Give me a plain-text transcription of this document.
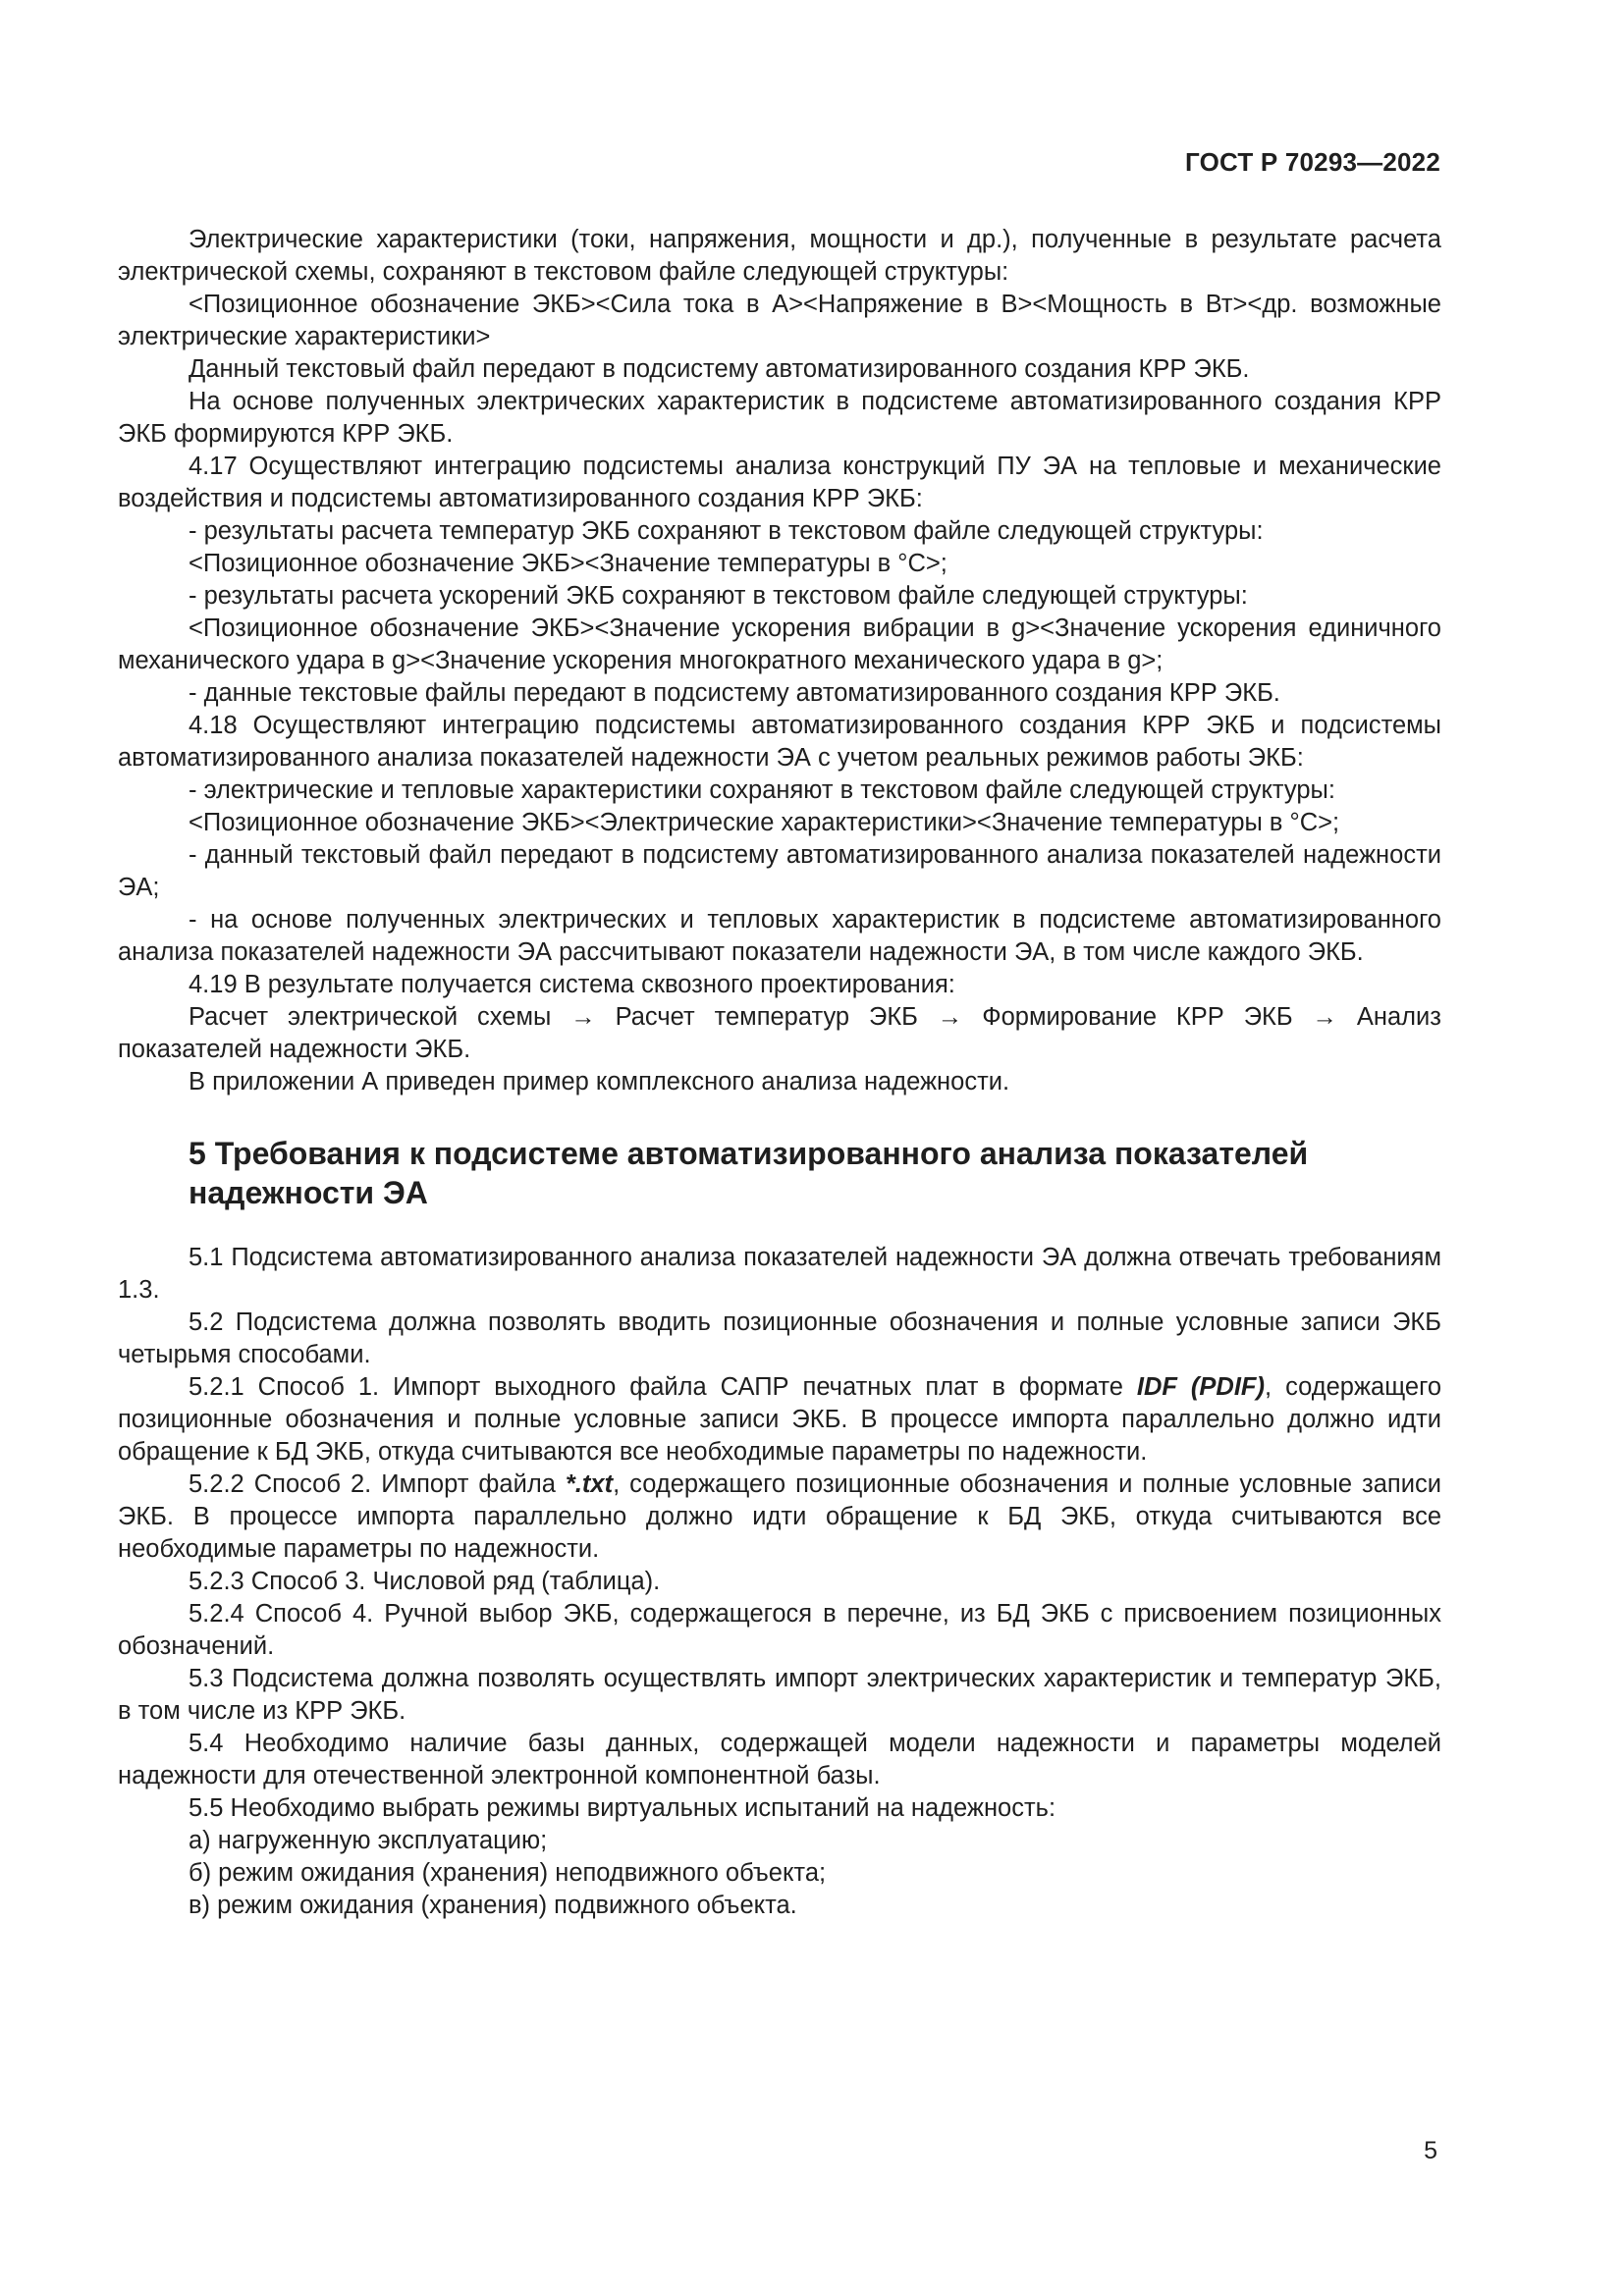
ГОСТ Р 70293—2022

Электрические характеристики (токи, напряжения, мощности и др.), полученные в результате расчета электрической схемы, сохраняют в текстовом файле следующей структуры:

<Позиционное обозначение ЭКБ><Сила тока в А><Напряжение в В><Мощность в Вт><др. возможные электрические характеристики>

Данный текстовый файл передают в подсистему автоматизированного создания КРР ЭКБ.

На основе полученных электрических характеристик в подсистеме автоматизированного создания КРР ЭКБ формируются КРР ЭКБ.

4.17 Осуществляют интеграцию подсистемы анализа конструкций ПУ ЭА на тепловые и механические воздействия и подсистемы автоматизированного создания КРР ЭКБ:

- результаты расчета температур ЭКБ сохраняют в текстовом файле следующей структуры:

<Позиционное обозначение ЭКБ><Значение температуры в °С>;

- результаты расчета ускорений ЭКБ сохраняют в текстовом файле следующей структуры:

<Позиционное обозначение ЭКБ><Значение ускорения вибрации в g><Значение ускорения единичного механического удара в g><Значение ускорения многократного механического удара в g>;

- данные текстовые файлы передают в подсистему автоматизированного создания КРР ЭКБ.

4.18 Осуществляют интеграцию подсистемы автоматизированного создания КРР ЭКБ и подсистемы автоматизированного анализа показателей надежности ЭА с учетом реальных режимов работы ЭКБ:

- электрические и тепловые характеристики сохраняют в текстовом файле следующей структуры:

<Позиционное обозначение ЭКБ><Электрические характеристики><Значение температуры в °С>;

- данный текстовый файл передают в подсистему автоматизированного анализа показателей надежности ЭА;

- на основе полученных электрических и тепловых характеристик в подсистеме автоматизированного анализа показателей надежности ЭА рассчитывают показатели надежности ЭА, в том числе каждого ЭКБ.

4.19 В результате получается система сквозного проектирования:

Расчет электрической схемы → Расчет температур ЭКБ → Формирование КРР ЭКБ → Анализ показателей надежности ЭКБ.

В приложении А приведен пример комплексного анализа надежности.

5 Требования к подсистеме автоматизированного анализа показателей надежности ЭА

5.1 Подсистема автоматизированного анализа показателей надежности ЭА должна отвечать требованиям 1.3.

5.2 Подсистема должна позволять вводить позиционные обозначения и полные условные записи ЭКБ четырьмя способами.

5.2.1 Способ 1. Импорт выходного файла САПР печатных плат в формате IDF (PDIF), содержащего позиционные обозначения и полные условные записи ЭКБ. В процессе импорта параллельно должно идти обращение к БД ЭКБ, откуда считываются все необходимые параметры по надежности.

5.2.2 Способ 2. Импорт файла *.txt, содержащего позиционные обозначения и полные условные записи ЭКБ. В процессе импорта параллельно должно идти обращение к БД ЭКБ, откуда считываются все необходимые параметры по надежности.

5.2.3 Способ 3. Числовой ряд (таблица).

5.2.4 Способ 4. Ручной выбор ЭКБ, содержащегося в перечне, из БД ЭКБ с присвоением позиционных обозначений.

5.3 Подсистема должна позволять осуществлять импорт электрических характеристик и температур ЭКБ, в том числе из КРР ЭКБ.

5.4 Необходимо наличие базы данных, содержащей модели надежности и параметры моделей надежности для отечественной электронной компонентной базы.

5.5 Необходимо выбрать режимы виртуальных испытаний на надежность:

а) нагруженную эксплуатацию;

б) режим ожидания (хранения) неподвижного объекта;

в) режим ожидания (хранения) подвижного объекта.

5
